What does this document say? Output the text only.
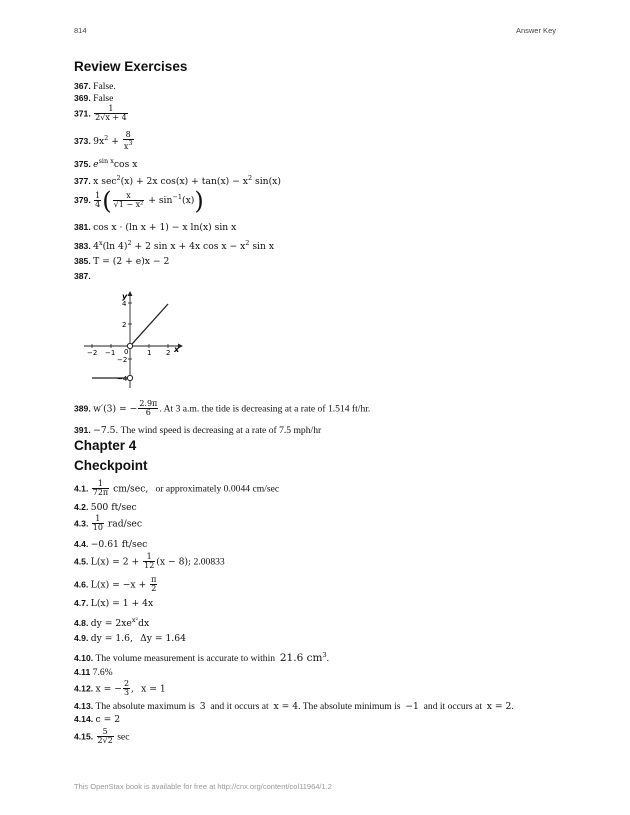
814	Answer Key
Review Exercises
367. False.
369. False
371. $\frac{1}{2√x + 4}$
373. $9x^2 + \frac{8}{x^3}$
375. $e^{sin x}\cos$ x
377. x $\sec^2(x) + 2x$ $\cos(x) + \tan(x) - x^2$ sin(x)
379. $\frac{1}{4}$ ( $\frac{x}{\text{√1 − x²}} + \sin^{-1}(x)$)
381. cos x · (ln x + 1) − x ln(x) sin x
383. 4$^x$(ln 4)$^2$ + 2 sin x + 4x $\cos x - x^2$ sin x
385. T = (2 + e)x − 2
387.
x
y
−2 −1 0	1 2
4
2
−2
−4
389. w′(3) = − $\frac{2.9\pi}{6}$ . At 3 a.m. the tide is decreasing at a rate of 1.514 ft/hr.
391. −7.5. The wind speed is decreasing at a rate of 7.5 mph/hr
Chapter 4
Checkpoint
4.1. $\frac{1}{72\pi} cm/\sec$, or approximately 0.0044 cm/sec
4.2. 500 ft/sec
4.3. $\frac{1}{10} rad/\sec$
4.4. −0.61 ft/sec
4.5. $L(x) = 2 + \frac{1}{12} (x - 8)$; 2.00833
4.6. $L(x) = -x + \frac{\pi}{2}$
4.7. L(x) = 1 + 4x
4.8. dy = $2xe^{x^2}dx$
4.9. dy = 1.6, Δy = 1.64
4.10. The volume measurement is accurate to within 21.6 $cm^3$.
4.11 7.6%
4.12. x = − $\frac{2}{3}$ , x = 1
4.13. The absolute maximum is 3 and it occurs at x = 4. The absolute minimum is −1 and it occurs at x = 2.
4.14. c = 2
4.15. $\frac{5}{2√2}$ sec
This OpenStax book is available for free at http://cnx.org/content/col11964/1.2
